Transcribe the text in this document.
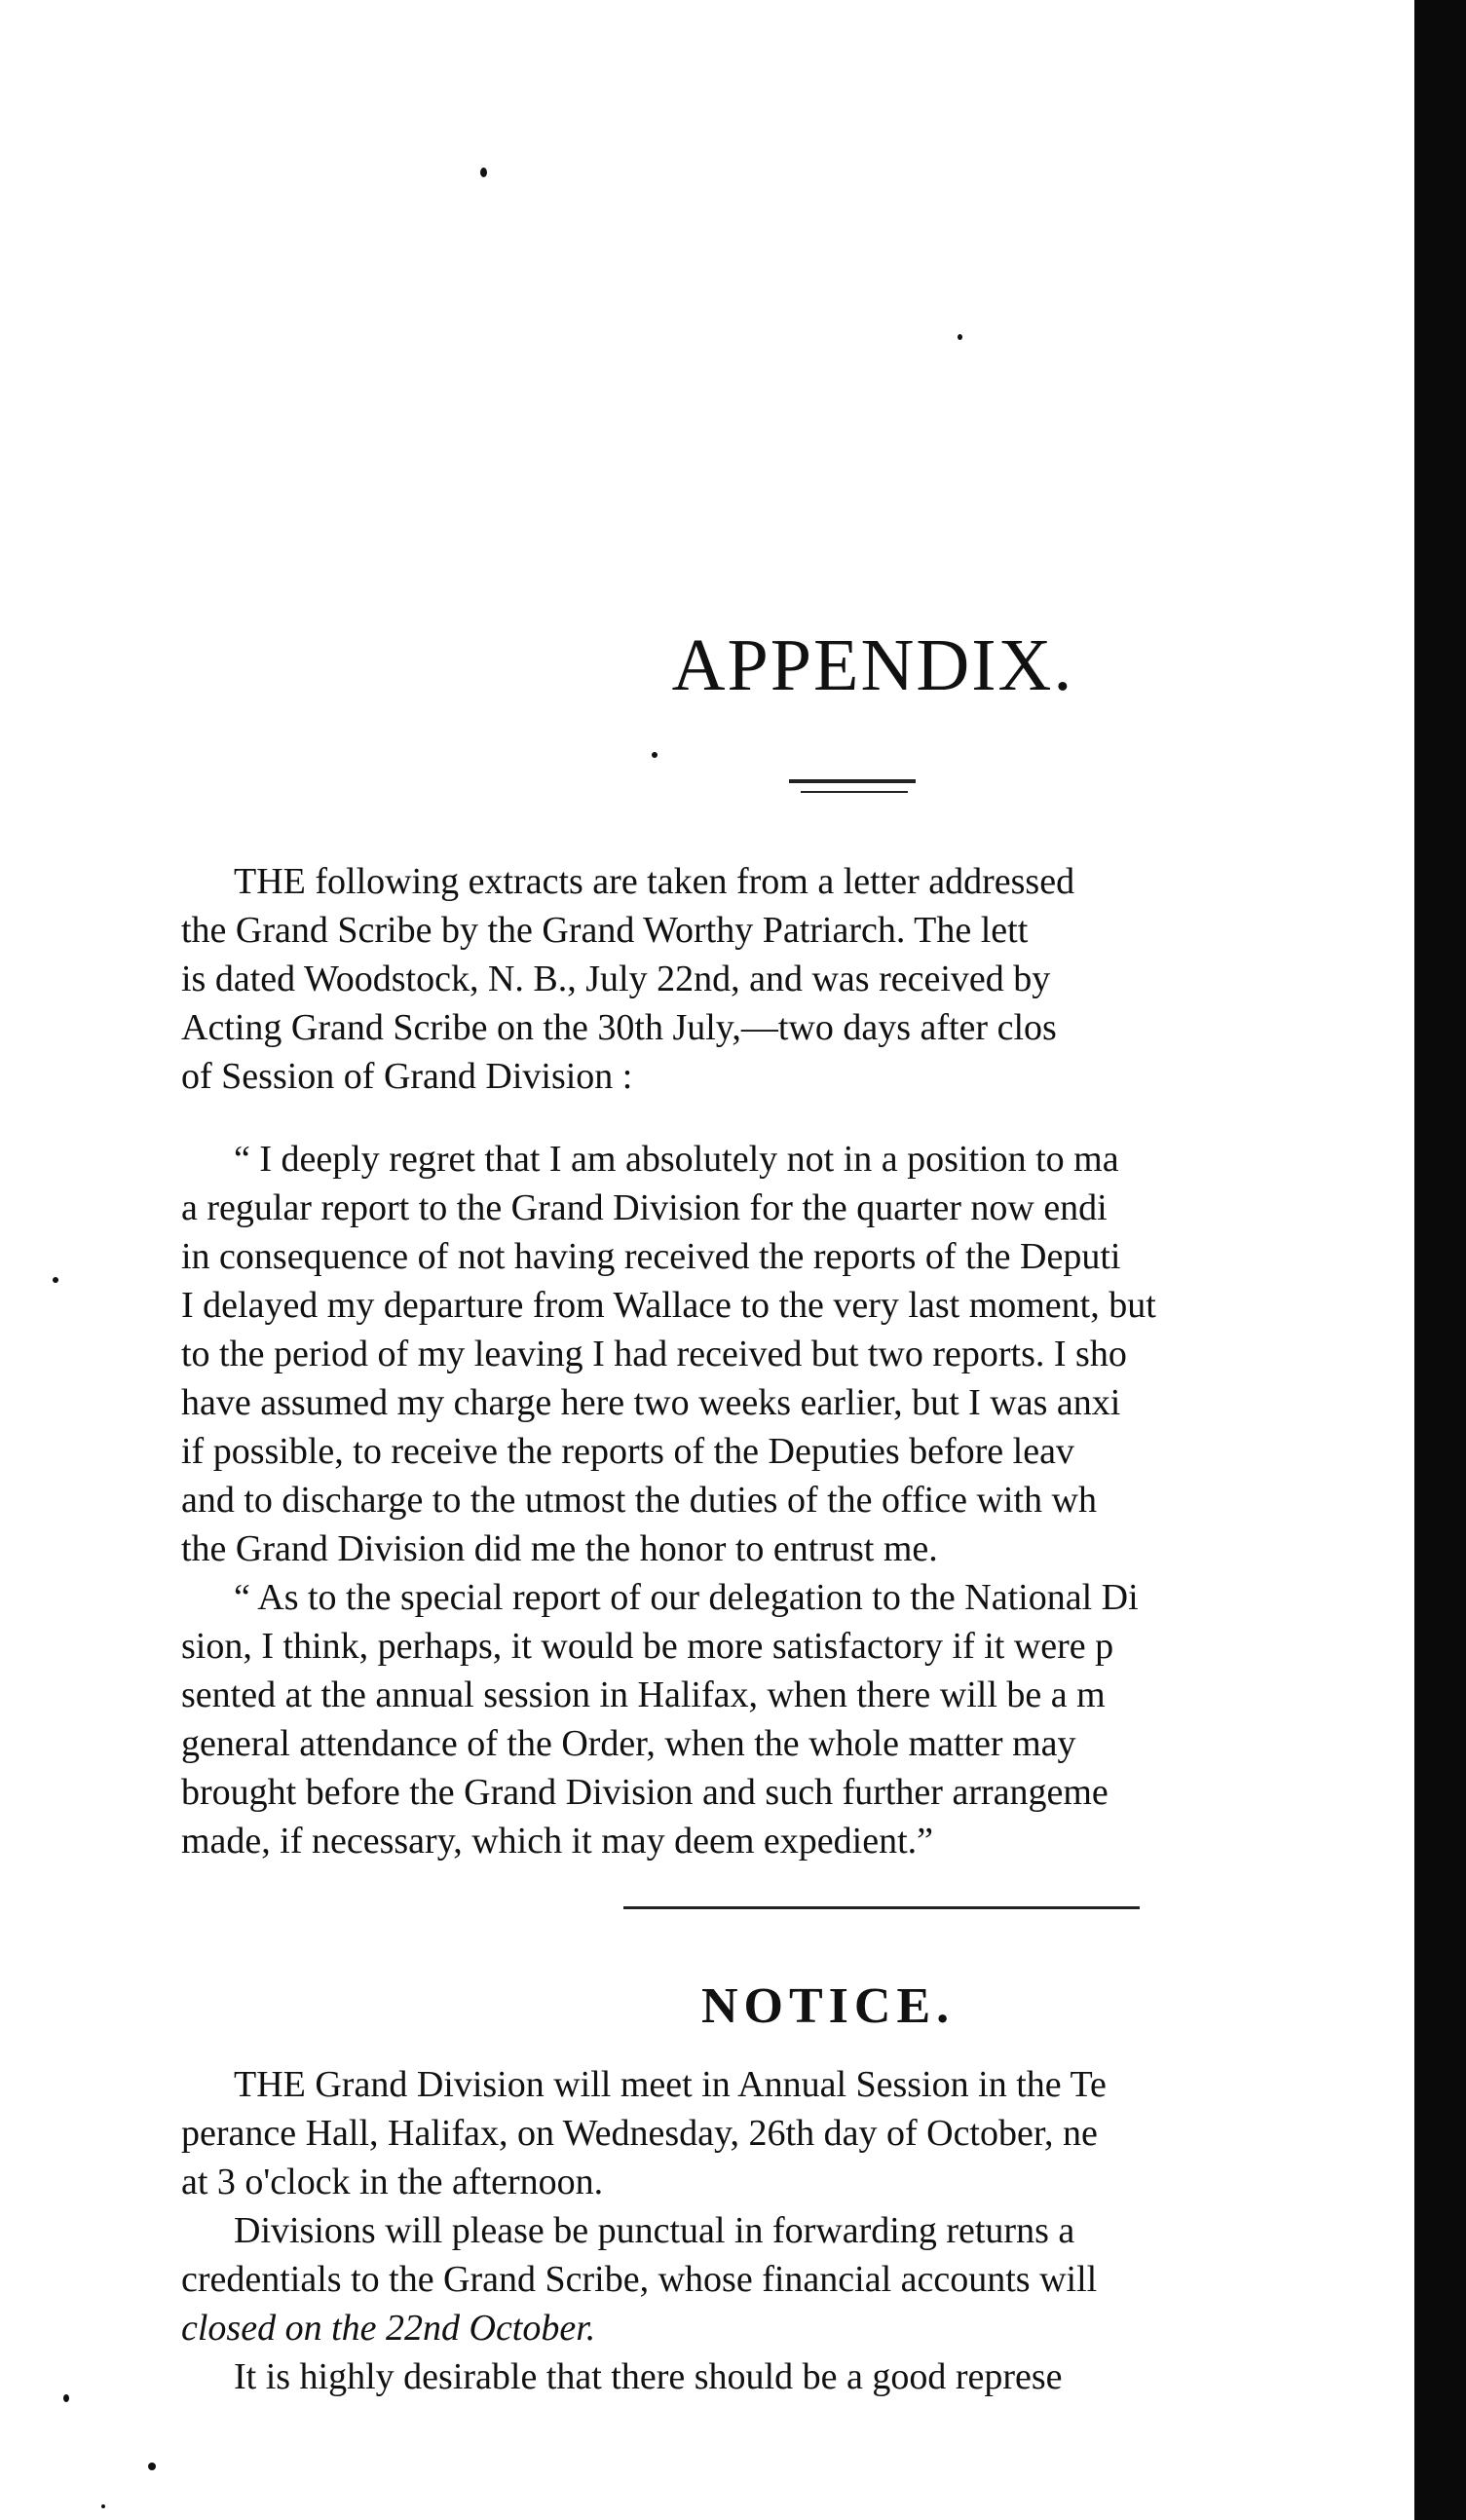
APPENDIX.
THE following extracts are taken from a letter addressed
the Grand Scribe by the Grand Worthy Patriarch. The lett
is dated Woodstock, N. B., July 22nd, and was received by
Acting Grand Scribe on the 30th July,—two days after clos
of Session of Grand Division :
“ I deeply regret that I am absolutely not in a position to ma
a regular report to the Grand Division for the quarter now endi
in consequence of not having received the reports of the Deputi
I delayed my departure from Wallace to the very last moment, but
to the period of my leaving I had received but two reports. I sho
have assumed my charge here two weeks earlier, but I was anxi
if possible, to receive the reports of the Deputies before leav
and to discharge to the utmost the duties of the office with wh
the Grand Division did me the honor to entrust me.
“ As to the special report of our delegation to the National Di
sion, I think, perhaps, it would be more satisfactory if it were p
sented at the annual session in Halifax, when there will be a m
general attendance of the Order, when the whole matter may
brought before the Grand Division and such further arrangeme
made, if necessary, which it may deem expedient.”
NOTICE.
THE Grand Division will meet in Annual Session in the Te
perance Hall, Halifax, on Wednesday, 26th day of October, ne
at 3 o'clock in the afternoon.
Divisions will please be punctual in forwarding returns a
credentials to the Grand Scribe, whose financial accounts will
closed on the 22nd October.
It is highly desirable that there should be a good represe
